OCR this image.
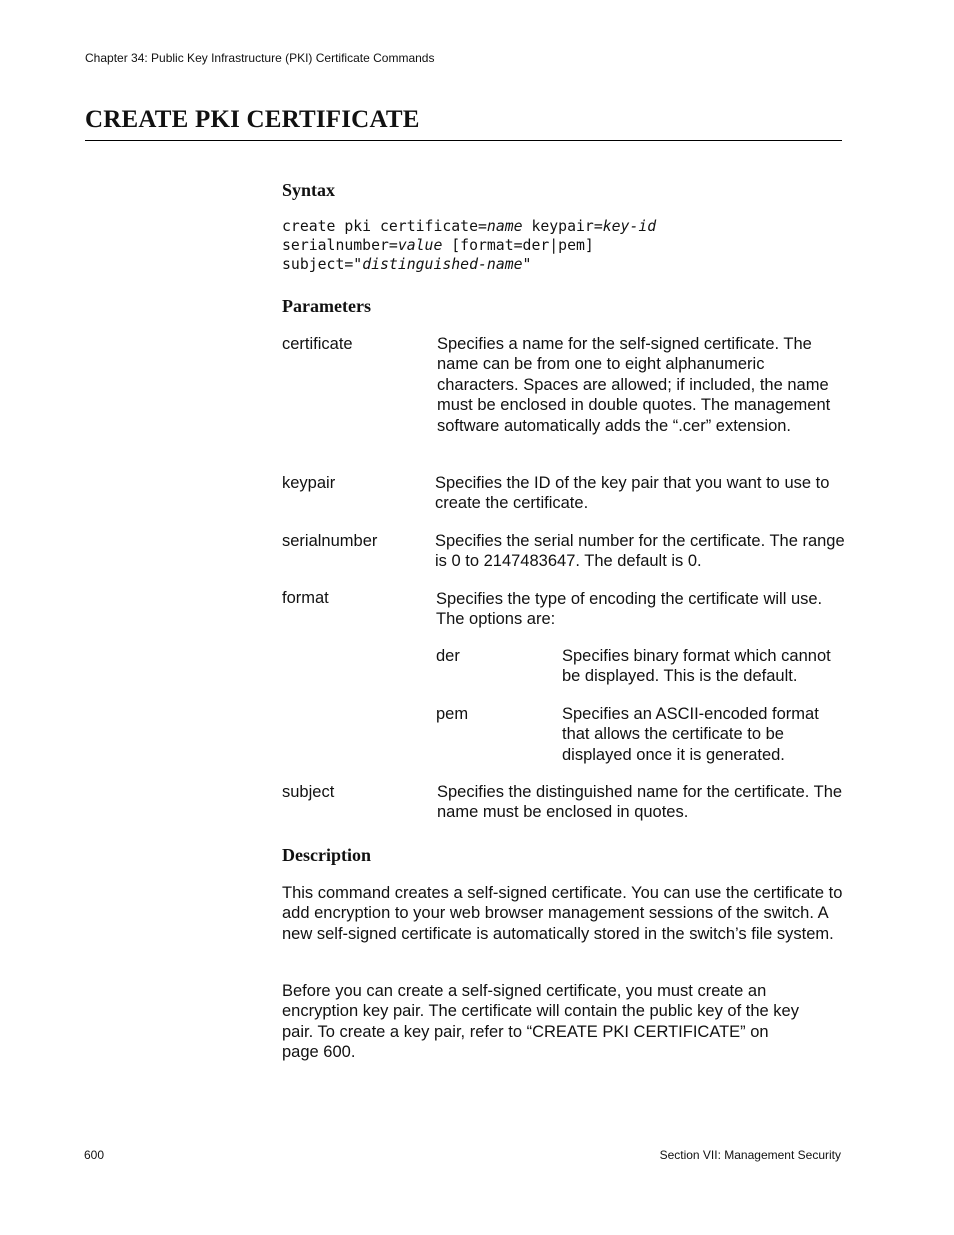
Chapter 34: Public Key Infrastructure (PKI) Certificate Commands
CREATE PKI CERTIFICATE
Syntax
create pki certificate=name keypair=key-id
serialnumber=value [format=der|pem]
subject="distinguished-name"
Parameters
certificate	Specifies a name for the self-signed certificate. The name can be from one to eight alphanumeric characters. Spaces are allowed; if included, the name must be enclosed in double quotes. The management software automatically adds the “.cer” extension.
keypair	Specifies the ID of the key pair that you want to use to create the certificate.
serialnumber	Specifies the serial number for the certificate. The range is 0 to 2147483647. The default is 0.
format	Specifies the type of encoding the certificate will use. The options are:
der	Specifies binary format which cannot be displayed. This is the default.
pem	Specifies an ASCII-encoded format that allows the certificate to be displayed once it is generated.
subject	Specifies the distinguished name for the certificate. The name must be enclosed in quotes.
Description

This command creates a self-signed certificate. You can use the certificate to add encryption to your web browser management sessions of the switch. A new self-signed certificate is automatically stored in the switch’s file system.

Before you can create a self-signed certificate, you must create an encryption key pair. The certificate will contain the public key of the key pair. To create a key pair, refer to “CREATE PKI CERTIFICATE” on page 600.

600	Section VII: Management Security
